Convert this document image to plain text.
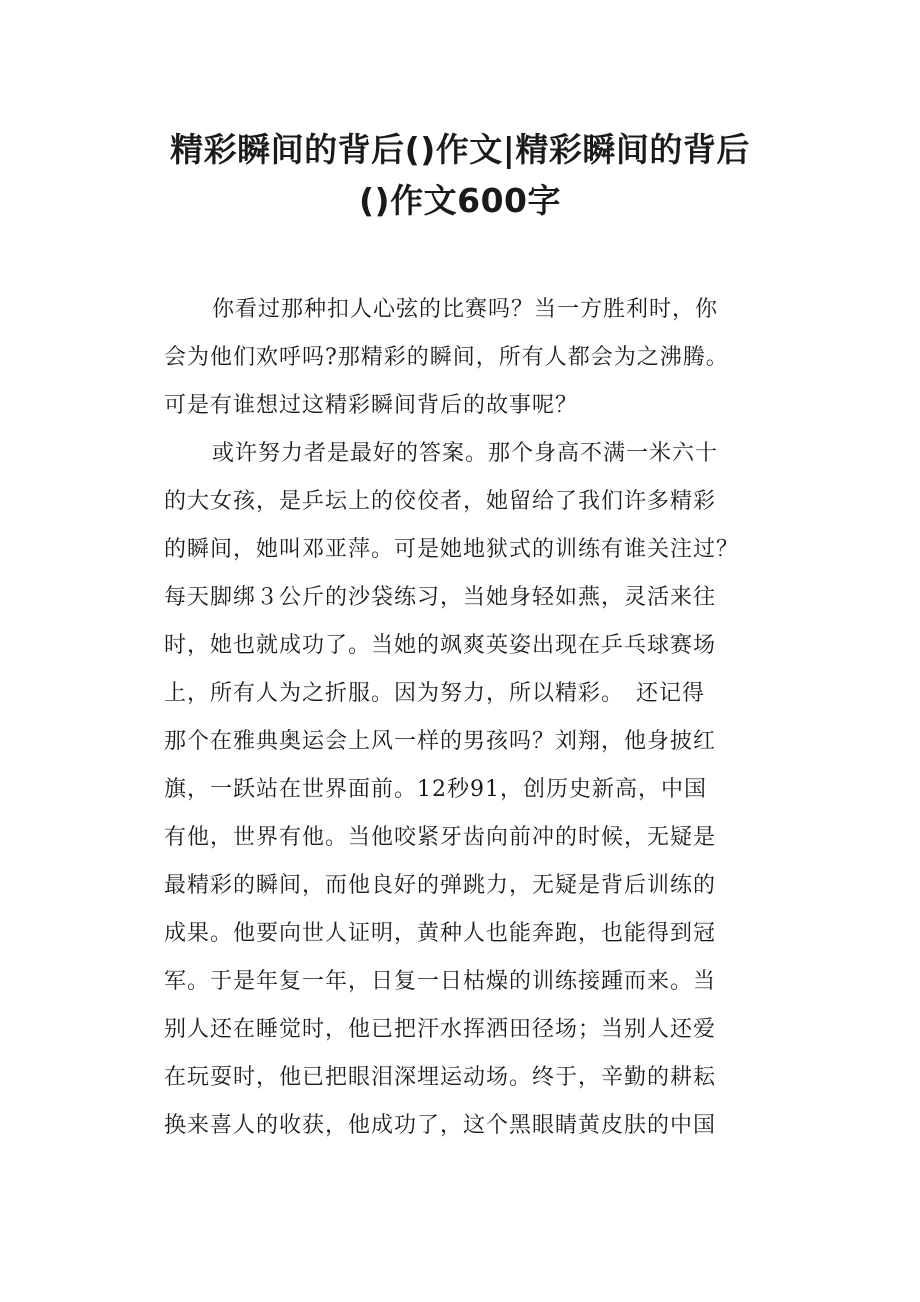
精彩瞬间的背后()作文|精彩瞬间的背后
()作文600字
你看过那种扣人心弦的比赛吗？当一方胜利时，你
会为他们欢呼吗?那精彩的瞬间，所有人都会为之沸腾。
可是有谁想过这精彩瞬间背后的故事呢？
或许努力者是最好的答案。那个身高不满一米六十
的大女孩，是乒坛上的佼佼者，她留给了我们许多精彩
的瞬间，她叫邓亚萍。可是她地狱式的训练有谁关注过？
每天脚绑３公斤的沙袋练习，当她身轻如燕，灵活来往
时，她也就成功了。当她的飒爽英姿出现在乒乓球赛场
上，所有人为之折服。因为努力，所以精彩。　还记得
那个在雅典奥运会上风一样的男孩吗？刘翔，他身披红
旗，一跃站在世界面前。12秒91，创历史新高，中国
有他，世界有他。当他咬紧牙齿向前冲的时候，无疑是
最精彩的瞬间，而他良好的弹跳力，无疑是背后训练的
成果。他要向世人证明，黄种人也能奔跑，也能得到冠
军。于是年复一年，日复一日枯燥的训练接踵而来。当
别人还在睡觉时，他已把汗水挥洒田径场；当别人还爱
在玩耍时，他已把眼泪深埋运动场。终于，辛勤的耕耘
换来喜人的收获，他成功了，这个黑眼睛黄皮肤的中国
